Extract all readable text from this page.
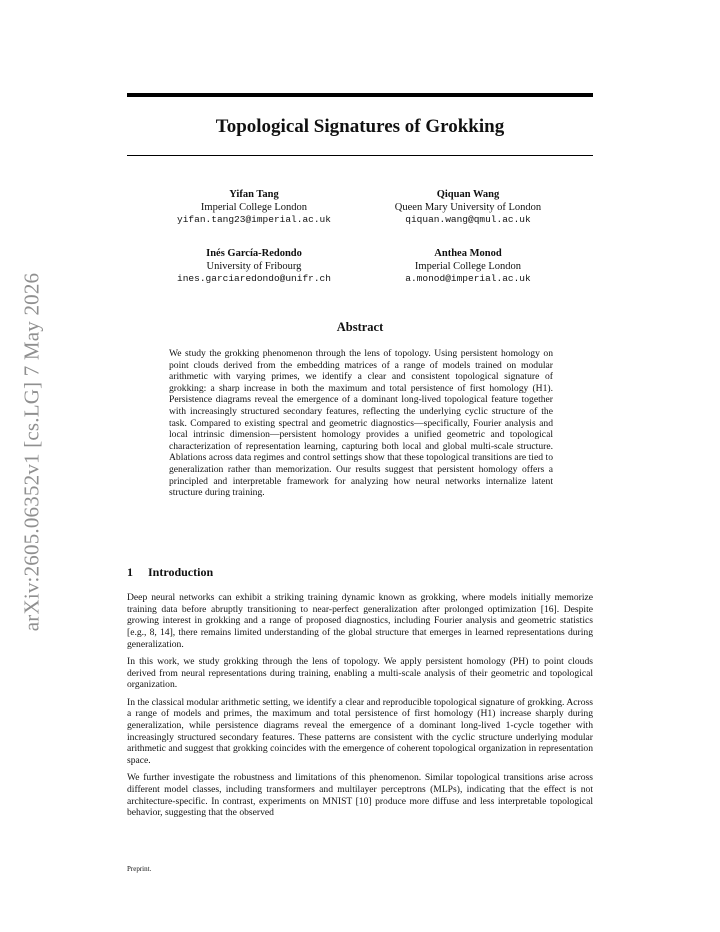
arXiv:2605.06352v1 [cs.LG] 7 May 2026
Topological Signatures of Grokking
Yifan Tang
Imperial College London
yifan.tang23@imperial.ac.uk
Qiquan Wang
Queen Mary University of London
qiquan.wang@qmul.ac.uk
Inés García-Redondo
University of Fribourg
ines.garciaredondo@unifr.ch
Anthea Monod
Imperial College London
a.monod@imperial.ac.uk
Abstract

We study the grokking phenomenon through the lens of topology. Using persistent homology on point clouds derived from the embedding matrices of a range of models trained on modular arithmetic with varying primes, we identify a clear and consistent topological signature of grokking: a sharp increase in both the maximum and total persistence of first homology (H1). Persistence diagrams reveal the emergence of a dominant long-lived topological feature together with increasingly structured secondary features, reflecting the underlying cyclic structure of the task. Compared to existing spectral and geometric diagnostics—specifically, Fourier analysis and local intrinsic dimension—persistent homology provides a unified geometric and topological characterization of representation learning, capturing both local and global multi-scale structure. Ablations across data regimes and control settings show that these topological transitions are tied to generalization rather than memorization. Our results suggest that persistent homology offers a principled and interpretable framework for analyzing how neural networks internalize latent structure during training.

1 Introduction

Deep neural networks can exhibit a striking training dynamic known as grokking, where models initially memorize training data before abruptly transitioning to near-perfect generalization after prolonged optimization [16]. Despite growing interest in grokking and a range of proposed diagnostics, including Fourier analysis and geometric statistics [e.g., 8, 14], there remains limited understanding of the global structure that emerges in learned representations during generalization.

In this work, we study grokking through the lens of topology. We apply persistent homology (PH) to point clouds derived from neural representations during training, enabling a multi-scale analysis of their geometric and topological organization.

In the classical modular arithmetic setting, we identify a clear and reproducible topological signature of grokking. Across a range of models and primes, the maximum and total persistence of first homology (H1) increase sharply during generalization, while persistence diagrams reveal the emergence of a dominant long-lived 1-cycle together with increasingly structured secondary features. These patterns are consistent with the cyclic structure underlying modular arithmetic and suggest that grokking coincides with the emergence of coherent topological organization in representation space.

We further investigate the robustness and limitations of this phenomenon. Similar topological transitions arise across different model classes, including transformers and multilayer perceptrons (MLPs), indicating that the effect is not architecture-specific. In contrast, experiments on MNIST [10] produce more diffuse and less interpretable topological behavior, suggesting that the observed

Preprint.
